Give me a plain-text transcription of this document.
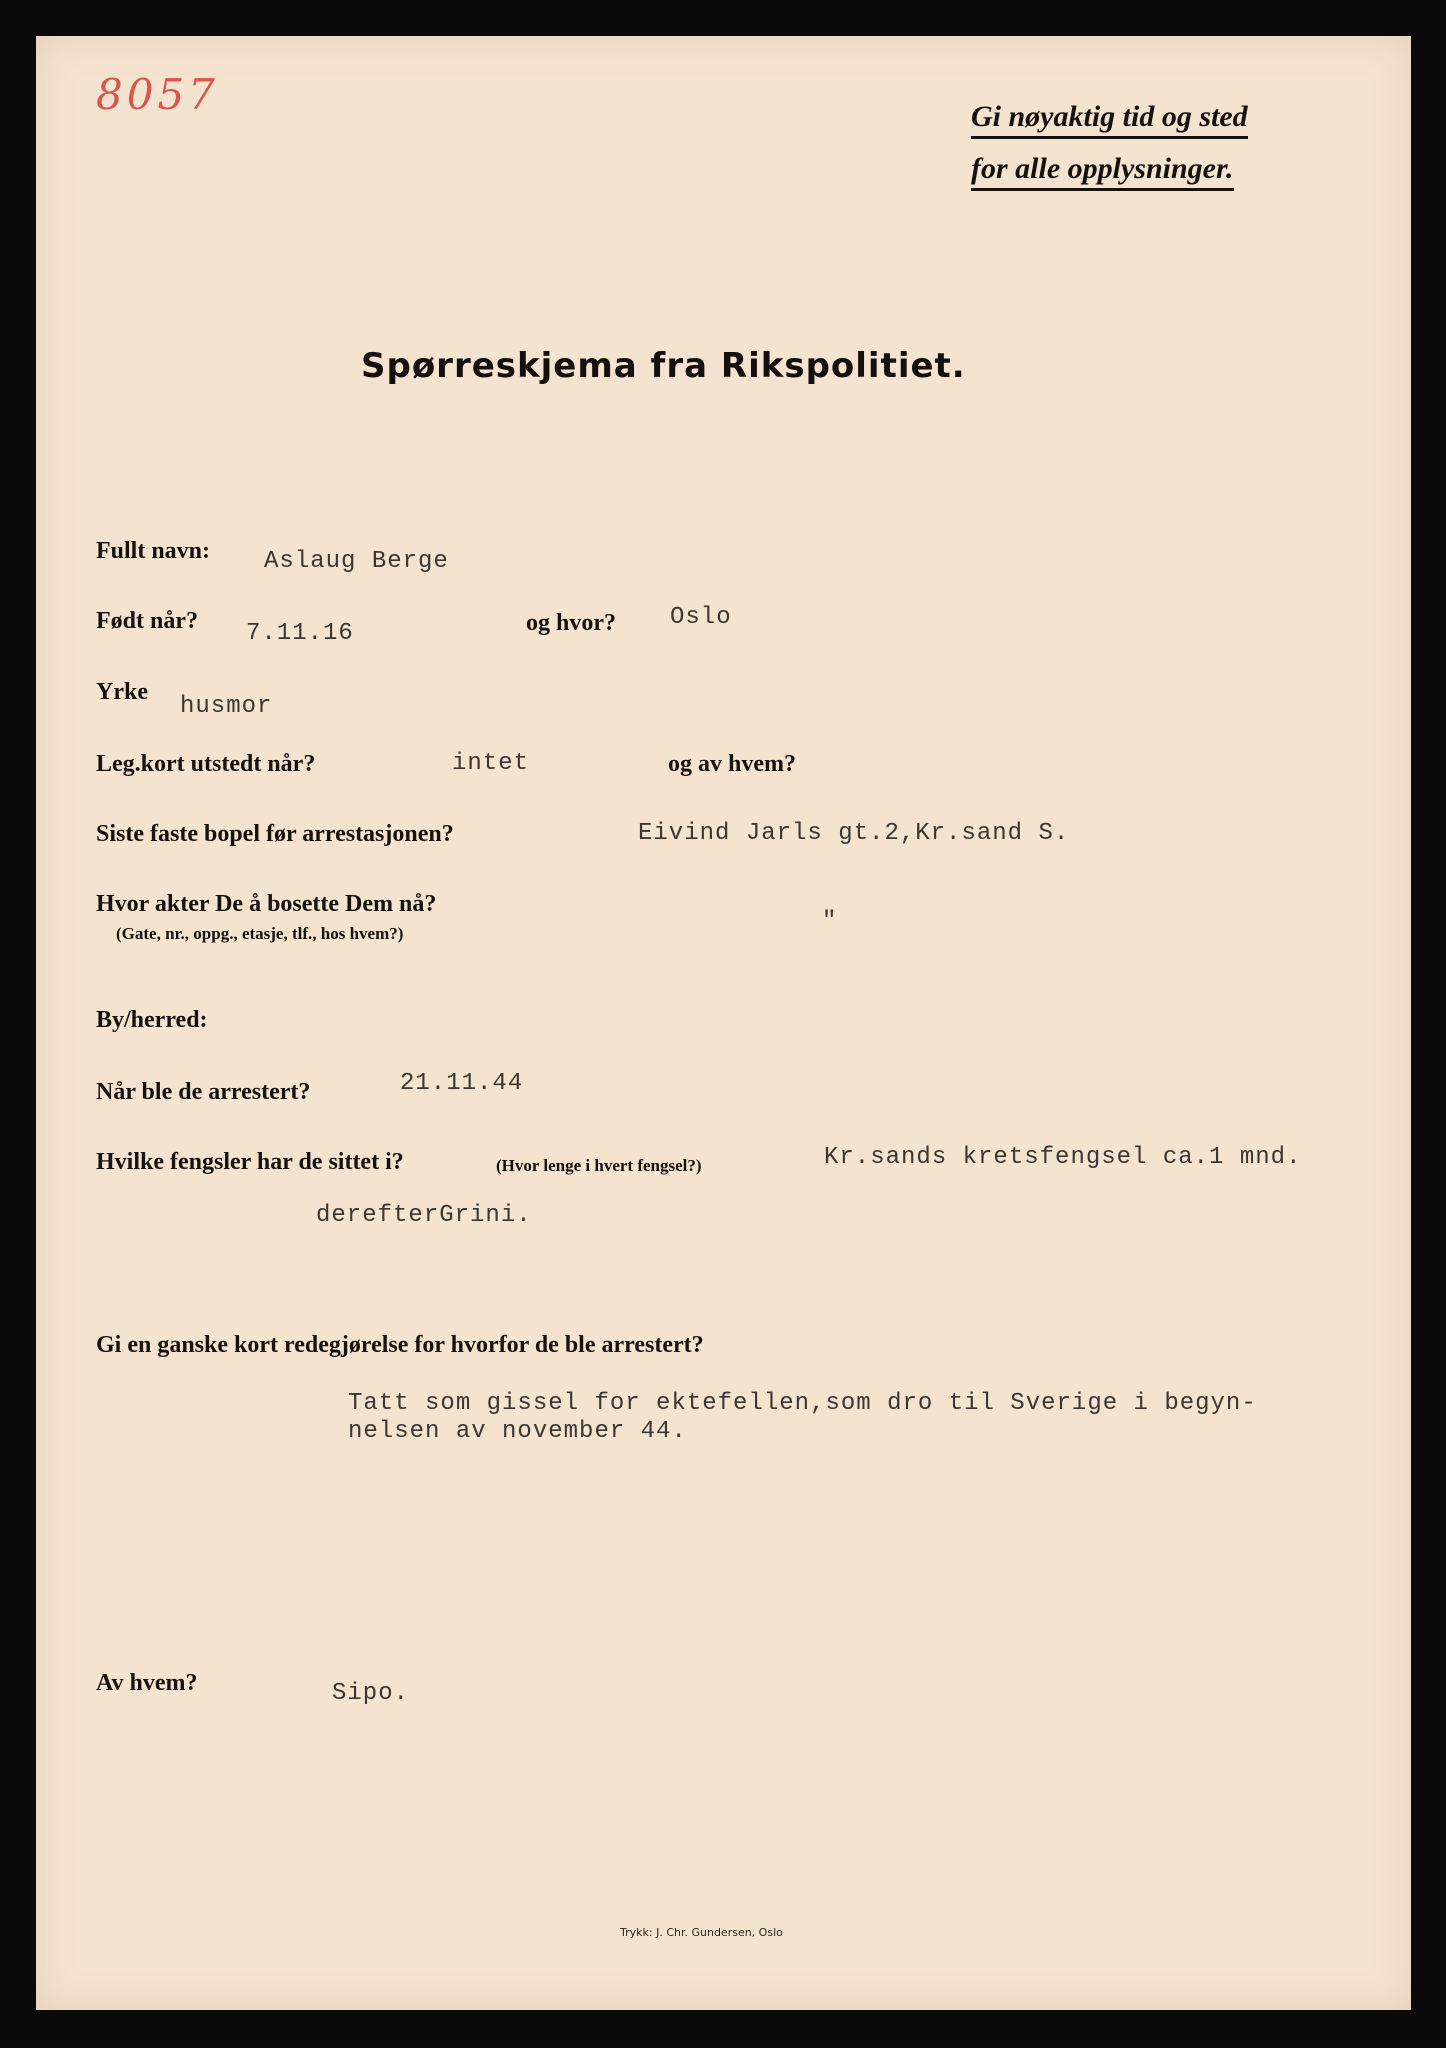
8057	Gi nøyaktig tid og sted
for alle opplysninger.
Spørreskjema fra Rikspolitiet.
Fullt navn: Aslaug Berge
Født når? 7.11.16	og hvor? Oslo
Yrke
husmor
Leg.kort utstedt når?	intet	og av hvem?
Siste faste bopel før arrestasjonen?	Eivind Jarls gt.2,Kr.sand S.
Hvor akter De å bosette Dem nå?
(Gate, nr., oppg., etasje, tlf., hos hvem?)	"
By/herred:
Når ble de arrestert?	21.11.44
Hvilke fengsler har de sittet i?	(Hvor lenge i hvert fengsel?)	Kr.sands kretsfengsel ca.1 mnd.
derefterGrini.
Gi en ganske kort redegjørelse for hvorfor de ble arrestert?
Tatt som gissel for ektefellen,som dro til Sverige i begyn-
nelsen av november 44.
Av hvem?	Sipo.
Trykk: J. Chr. Gundersen, Oslo
